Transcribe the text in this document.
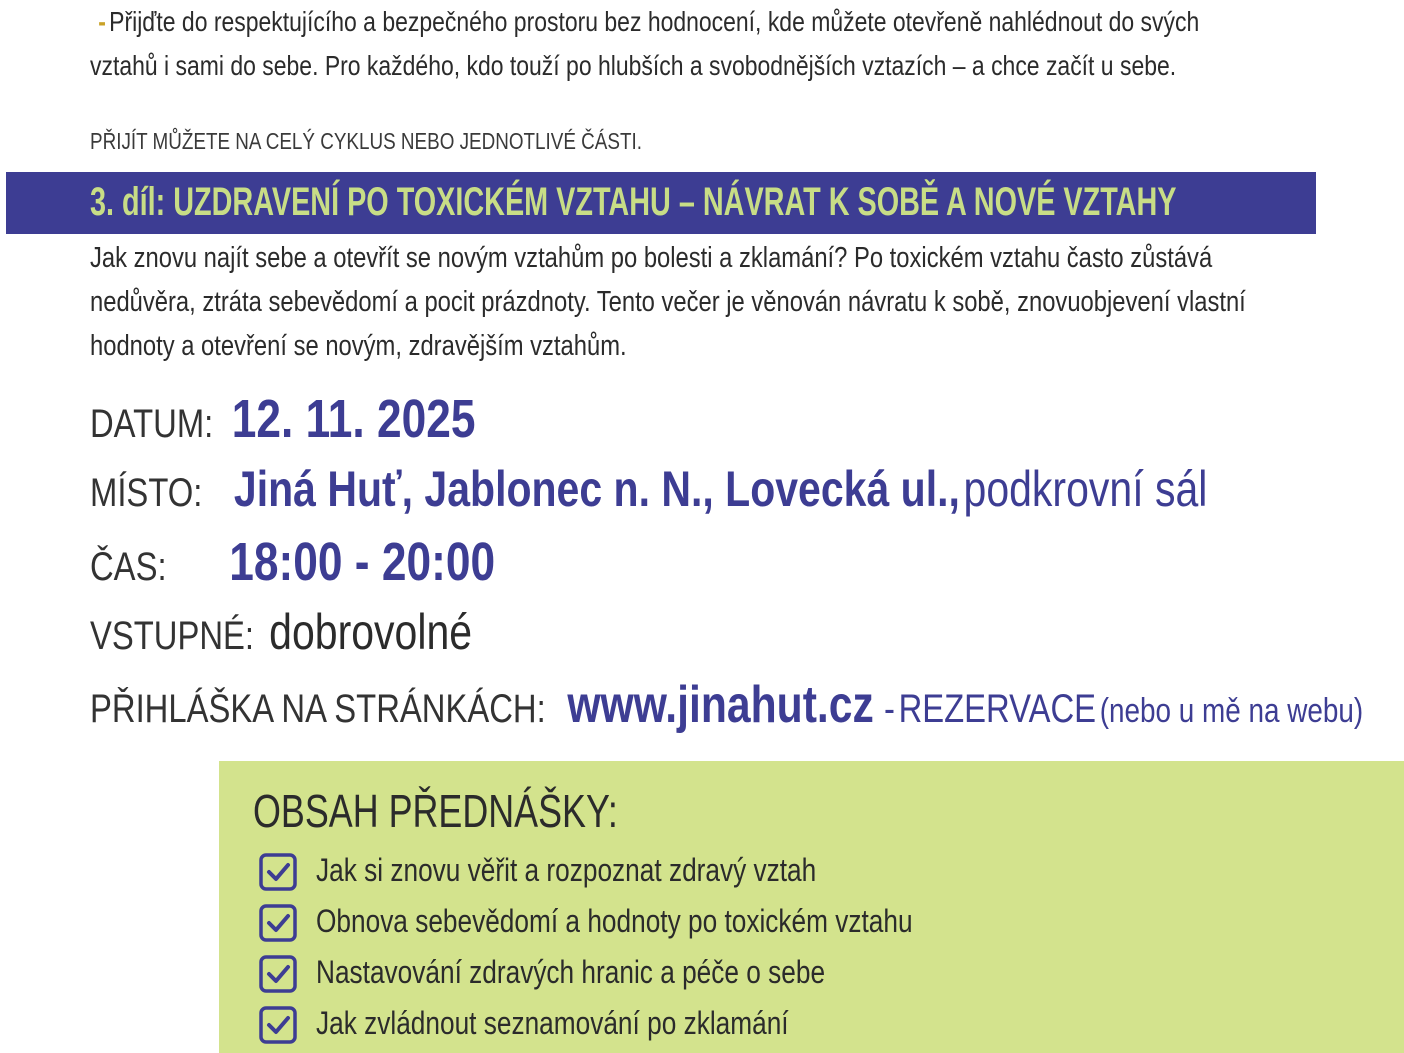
- Přijďte do respektujícího a bezpečného prostoru bez hodnocení, kde můžete otevřeně nahlédnout do svých
vztahů i sami do sebe. Pro každého, kdo touží po hlubších a svobodnějších vztazích – a chce začít u sebe.
PŘIJÍT MŮŽETE NA CELÝ CYKLUS NEBO JEDNOTLIVÉ ČÁSTI.
3. díl: UZDRAVENÍ PO TOXICKÉM VZTAHU – NÁVRAT K SOBĚ A NOVÉ VZTAHY
Jak znovu najít sebe a otevřít se novým vztahům po bolesti a zklamání? Po toxickém vztahu často zůstává
nedůvěra, ztráta sebevědomí a pocit prázdnoty. Tento večer je věnován návratu k sobě, znovuobjevení vlastní
hodnoty a otevření se novým, zdravějším vztahům.
DATUM: 12. 11. 2025
MÍSTO: Jiná Huť, Jablonec n. N., Lovecká ul., podkrovní sál
ČAS: 18:00 - 20:00
VSTUPNÉ: dobrovolné
PŘIHLÁŠKA NA STRÁNKÁCH: www.jinahut.cz - REZERVACE (nebo u mě na webu)
OBSAH PŘEDNÁŠKY:
Jak si znovu věřit a rozpoznat zdravý vztah
Obnova sebevědomí a hodnoty po toxickém vztahu
Nastavování zdravých hranic a péče o sebe
Jak zvládnout seznamování po zklamání
